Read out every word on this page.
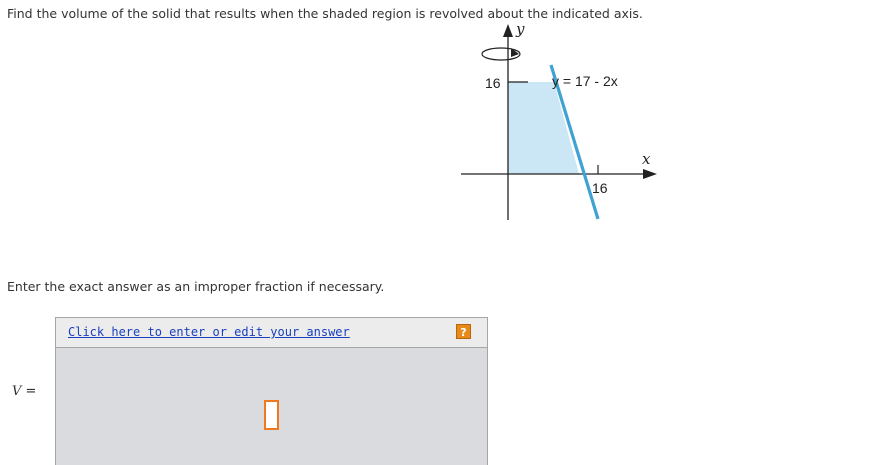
Find the volume of the solid that results when the shaded region is revolved about the indicated axis.
y
x
16
16
y = 17 - 2x
Enter the exact answer as an improper fraction if necessary.
V =
Click here to enter or edit your answer	?
